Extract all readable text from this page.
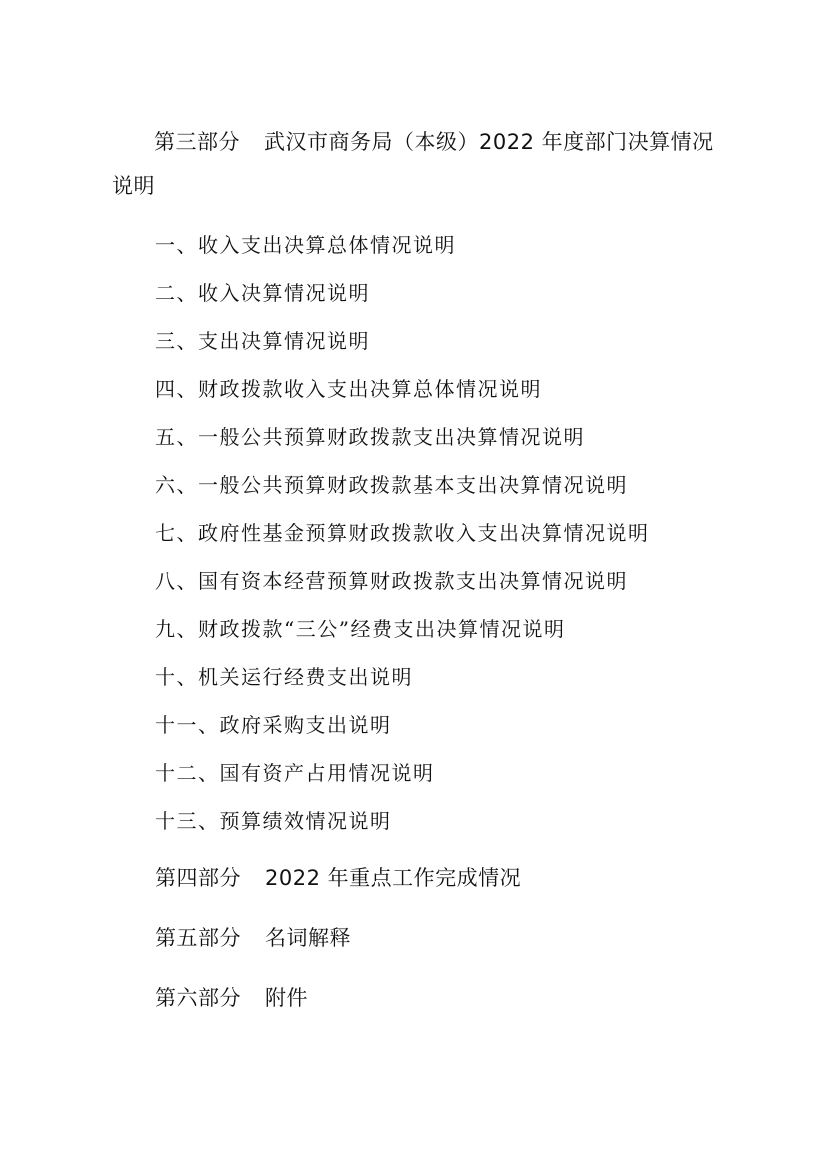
第三部分 武汉市商务局（本级）2022 年度部门决算情况说明
一、收入支出决算总体情况说明
二、收入决算情况说明
三、支出决算情况说明
四、财政拨款收入支出决算总体情况说明
五、一般公共预算财政拨款支出决算情况说明
六、一般公共预算财政拨款基本支出决算情况说明
七、政府性基金预算财政拨款收入支出决算情况说明
八、国有资本经营预算财政拨款支出决算情况说明
九、财政拨款“三公”经费支出决算情况说明
十、机关运行经费支出说明
十一、政府采购支出说明
十二、国有资产占用情况说明
十三、预算绩效情况说明
第四部分 2022 年重点工作完成情况
第五部分 名词解释
第六部分 附件
